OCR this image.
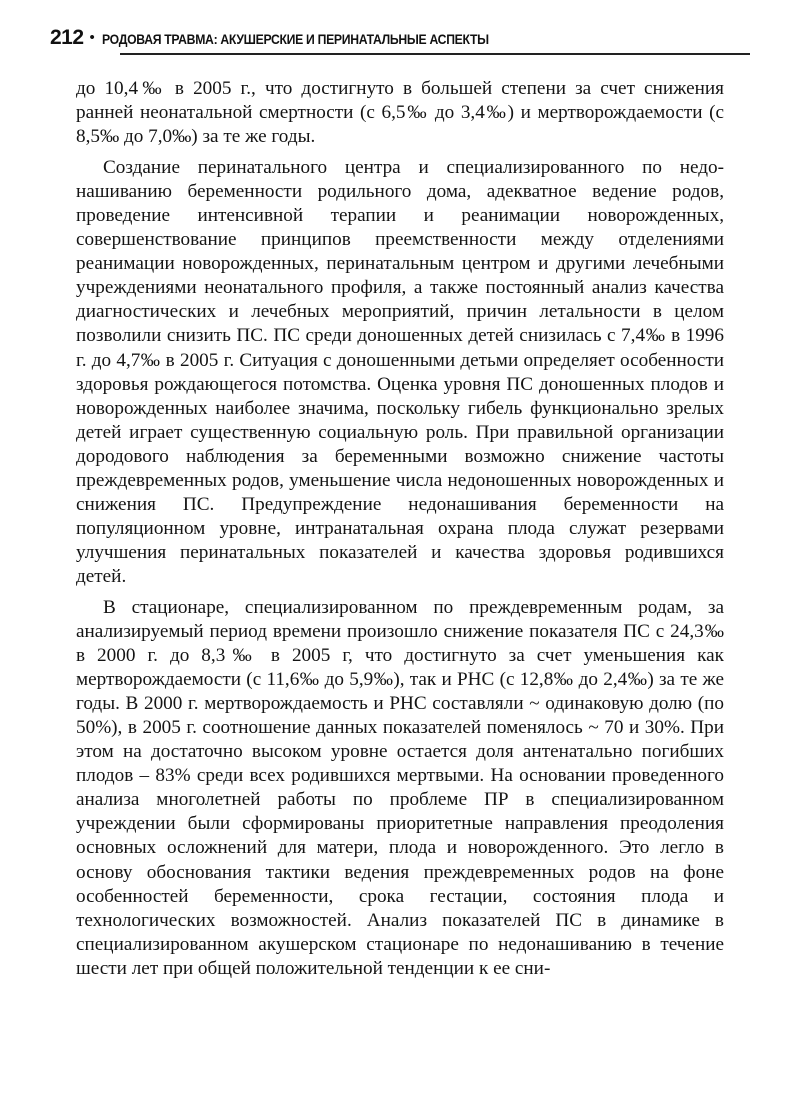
212 • РОДОВАЯ ТРАВМА: АКУШЕРСКИЕ И ПЕРИНАТАЛЬНЫЕ АСПЕКТЫ

до 10,4‰ в 2005 г., что достигнуто в большей степени за счет снижения ранней неонатальной смертности (с 6,5‰ до 3,4‰) и мертворождаемости (с 8,5‰ до 7,0‰) за те же годы.

Создание перинатального центра и специализированного по недонашиванию беременности родильного дома, адекватное ведение родов, проведение интенсивной терапии и реанимации новорожденных, совершенствование принципов преемственности между отделениями реанимации новорожденных, перинатальным центром и другими лечебными учреждениями неонатального профиля, а также постоянный анализ качества диагностических и лечебных мероприятий, причин летальности в целом позволили снизить ПС. ПС среди доношенных детей снизилась с 7,4‰ в 1996 г. до 4,7‰ в 2005 г. Ситуация с доношенными детьми определяет особенности здоровья рождающегося потомства. Оценка уровня ПС доношенных плодов и новорожденных наиболее значима, поскольку гибель функционально зрелых детей играет существенную социальную роль. При правильной организации дородового наблюдения за беременными возможно снижение частоты преждевременных родов, уменьшение числа недоношенных новорожденных и снижения ПС. Предупреждение недонашивания беременности на популяционном уровне, интранатальная охрана плода служат резервами улучшения перинатальных показателей и качества здоровья родившихся детей.

В стационаре, специализированном по преждевременным родам, за анализируемый период времени произошло снижение показателя ПС с 24,3‰ в 2000 г. до 8,3‰ в 2005 г, что достигнуто за счет уменьшения как мертворождаемости (с 11,6‰ до 5,9‰), так и РНС (с 12,8‰ до 2,4‰) за те же годы. В 2000 г. мертворождаемость и РНС составляли ~ одинаковую долю (по 50%), в 2005 г. соотношение данных показателей поменялось ~ 70 и 30%. При этом на достаточно высоком уровне остается доля антенатально погибших плодов – 83% среди всех родившихся мертвыми. На основании проведенного анализа многолетней работы по проблеме ПР в специализированном учреждении были сформированы приоритетные направления преодоления основных осложнений для матери, плода и новорожденного. Это легло в основу обоснования тактики ведения преждевременных родов на фоне особенностей беременности, срока гестации, состояния плода и технологических возможностей. Анализ показателей ПС в динамике в специализированном акушерском стационаре по недонашиванию в течение шести лет при общей положительной тенденции к ее сни-
